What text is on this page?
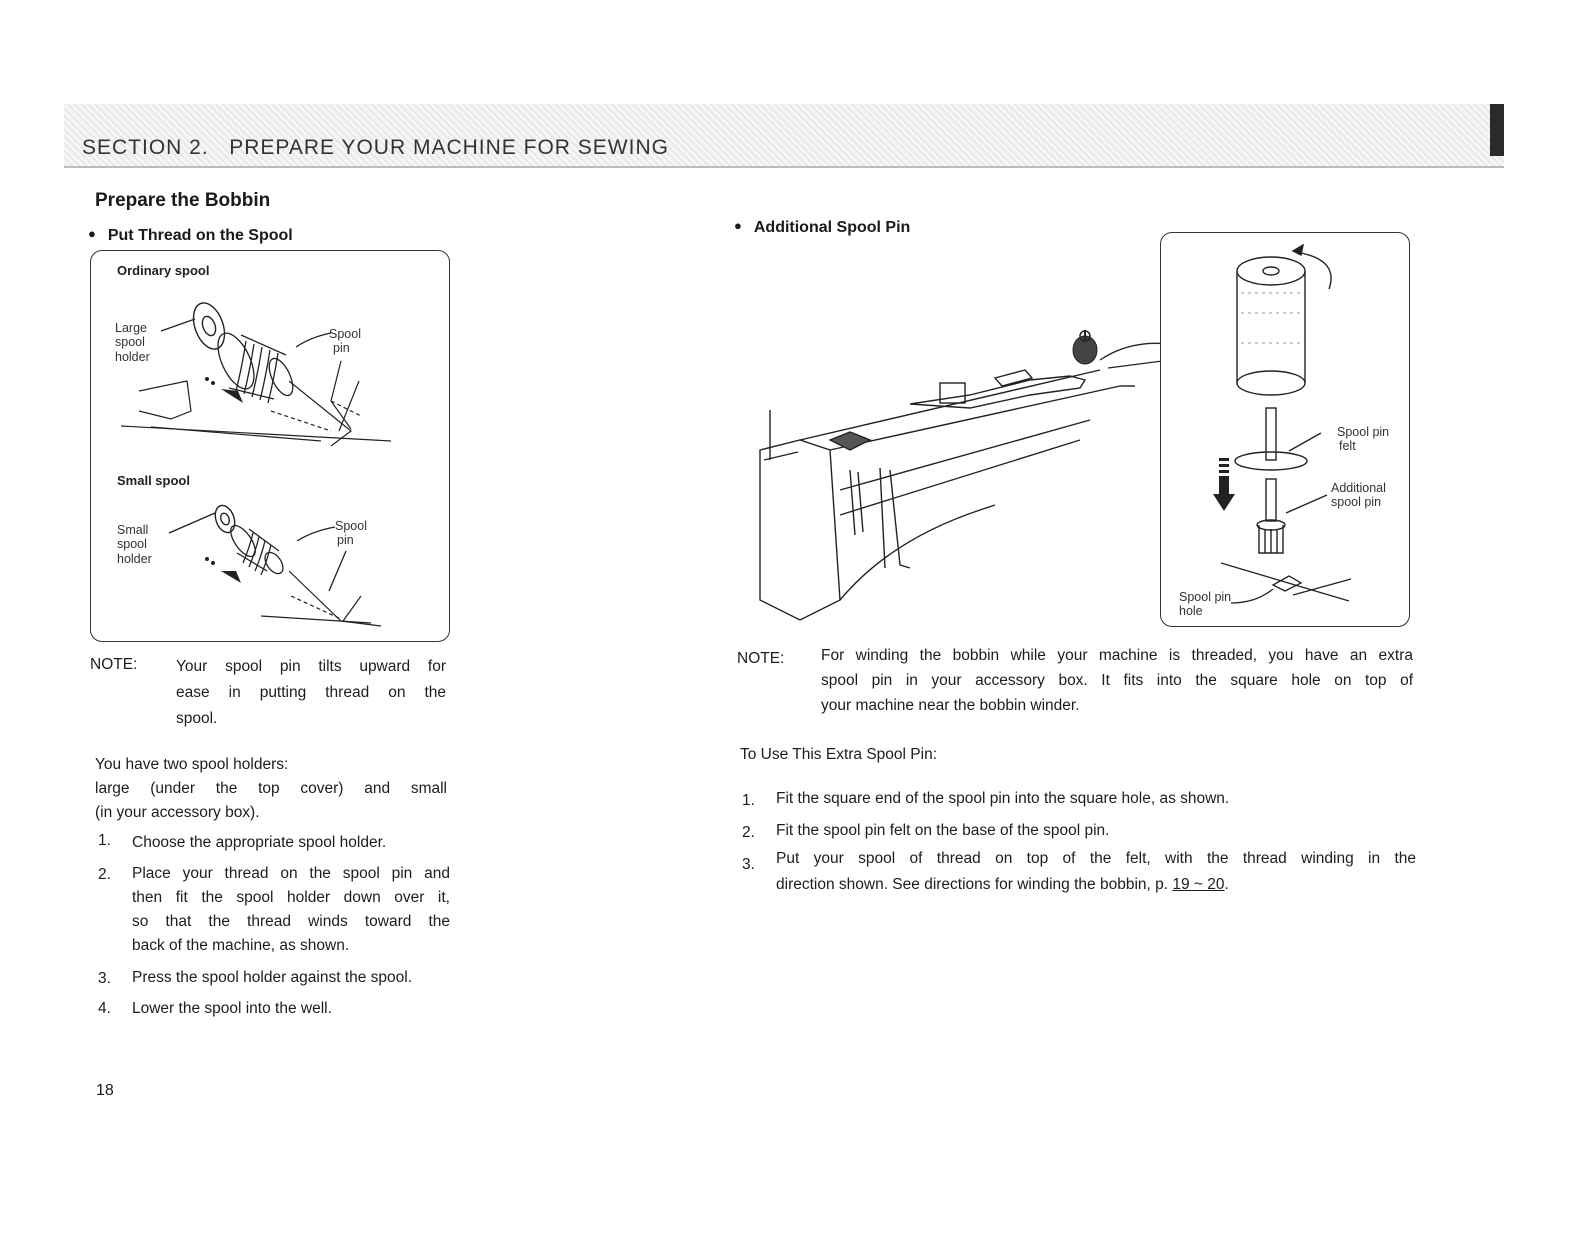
SECTION 2.   PREPARE YOUR MACHINE FOR SEWING
Prepare the Bobbin
● Put Thread on the Spool
Ordinary spool
Large
spool
holder
Spool
pin
Small spool
Small
spool
holder
Spool
pin
NOTE: Your spool pin tilts upward for
ease in putting thread on the
spool.
You have two spool holders:
large (under the top cover) and small
(in your accessory box).
1. Choose the appropriate spool holder.
2. Place your thread on the spool pin and
then fit the spool holder down over it,
so that the thread winds toward the
back of the machine, as shown.
3. Press the spool holder against the spool.
4. Lower the spool into the well.
18
● Additional Spool Pin
Spool pin
felt
Additional
spool pin
Spool pin
hole
NOTE: For winding the bobbin while your machine is threaded, you have an extra
spool pin in your accessory box. It fits into the square hole on top of
your machine near the bobbin winder.
To Use This Extra Spool Pin:
1. Fit the square end of the spool pin into the square hole, as shown.
2. Fit the spool pin felt on the base of the spool pin.
3. Put your spool of thread on top of the felt, with the thread winding in the
direction shown. See directions for winding the bobbin, p. 19 ~ 20.
